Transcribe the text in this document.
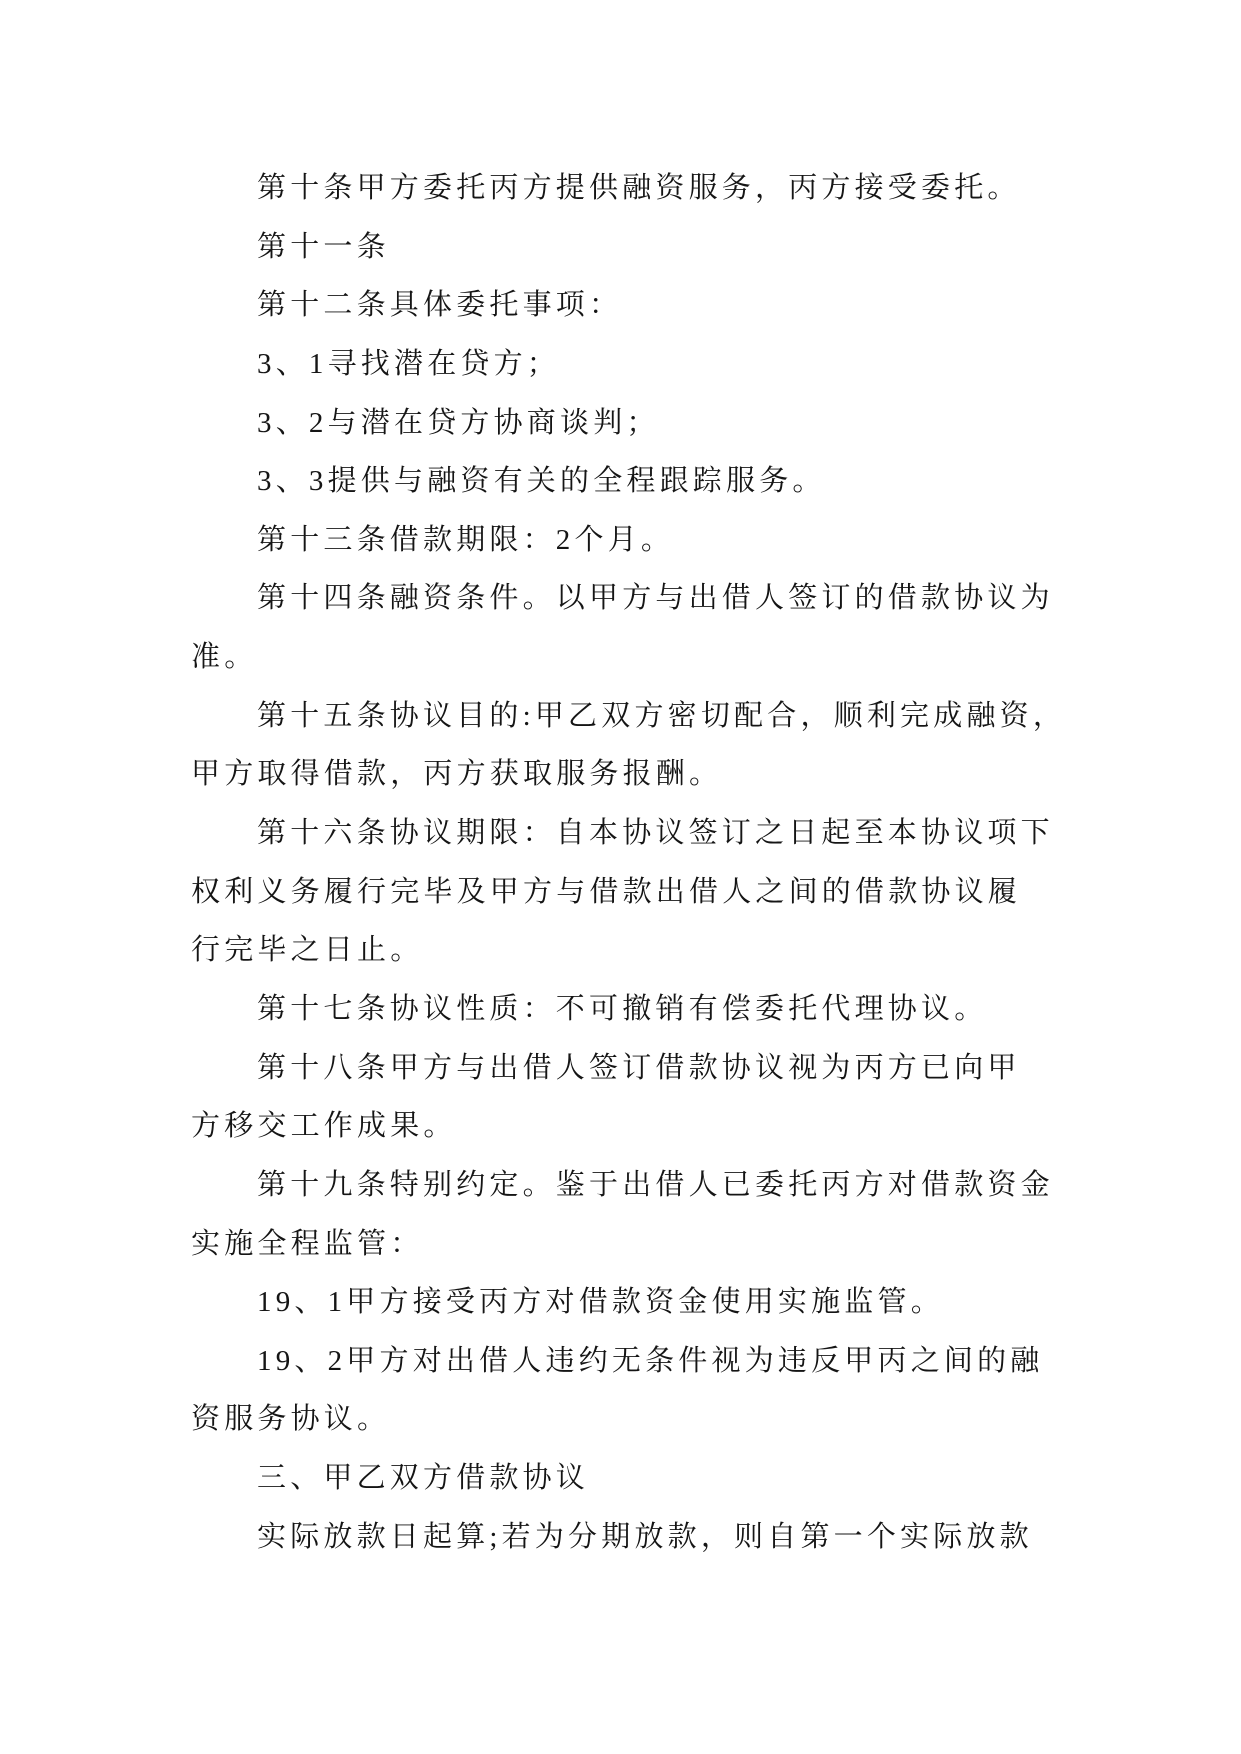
第十条甲方委托丙方提供融资服务，丙方接受委托。
第十一条
第十二条具体委托事项：
3、1寻找潜在贷方；
3、2与潜在贷方协商谈判；
3、3提供与融资有关的全程跟踪服务。
第十三条借款期限：2个月。
第十四条融资条件。以甲方与出借人签订的借款协议为
准。
第十五条协议目的:甲乙双方密切配合，顺利完成融资，
甲方取得借款，丙方获取服务报酬。
第十六条协议期限：自本协议签订之日起至本协议项下
权利义务履行完毕及甲方与借款出借人之间的借款协议履
行完毕之日止。
第十七条协议性质：不可撤销有偿委托代理协议。
第十八条甲方与出借人签订借款协议视为丙方已向甲
方移交工作成果。
第十九条特别约定。鉴于出借人已委托丙方对借款资金
实施全程监管：
19、1甲方接受丙方对借款资金使用实施监管。
19、2甲方对出借人违约无条件视为违反甲丙之间的融
资服务协议。
三、甲乙双方借款协议
实际放款日起算;若为分期放款，则自第一个实际放款
